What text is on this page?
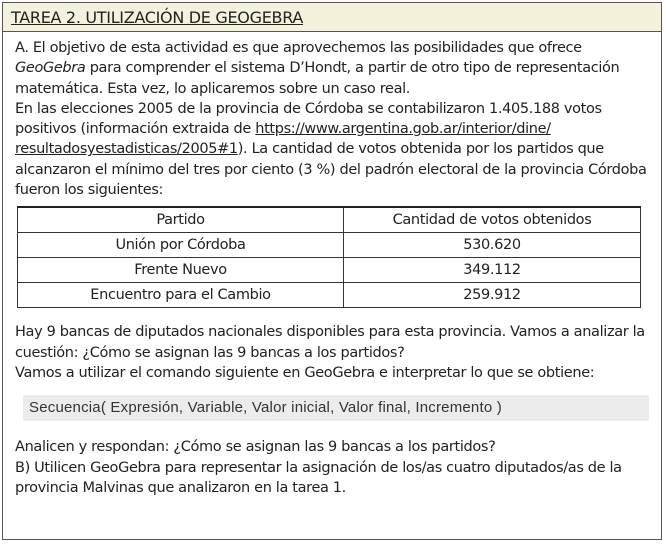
TAREA 2. UTILIZACIÓN DE GEOGEBRA

A. El objetivo de esta actividad es que aprovechemos las posibilidades que ofrece GeoGebra para comprender el sistema D’Hondt, a partir de otro tipo de representación matemática. Esta vez, lo aplicaremos sobre un caso real.

En las elecciones 2005 de la provincia de Córdoba se contabilizaron 1.405.188 votos positivos (información extraida de https://www.argentina.gob.ar/interior/dine/
resultadosyestadisticas/2005#1). La cantidad de votos obtenida por los partidos que alcanzaron el mínimo del tres por ciento (3 %) del padrón electoral de la provincia Córdoba fueron los siguientes:

Partido	Cantidad de votos obtenidos
Unión por Córdoba	530.620
Frente Nuevo	349.112
Encuentro para el Cambio	259.912

Hay 9 bancas de diputados nacionales disponibles para esta provincia. Vamos a analizar la cuestión: ¿Cómo se asignan las 9 bancas a los partidos?

Vamos a utilizar el comando siguiente en GeoGebra e interpretar lo que se obtiene:

Secuencia( Expresión, Variable, Valor inicial, Valor final, Incremento )

Analicen y respondan: ¿Cómo se asignan las 9 bancas a los partidos?

B) Utilicen GeoGebra para representar la asignación de los/as cuatro diputados/as de la provincia Malvinas que analizaron en la tarea 1.
